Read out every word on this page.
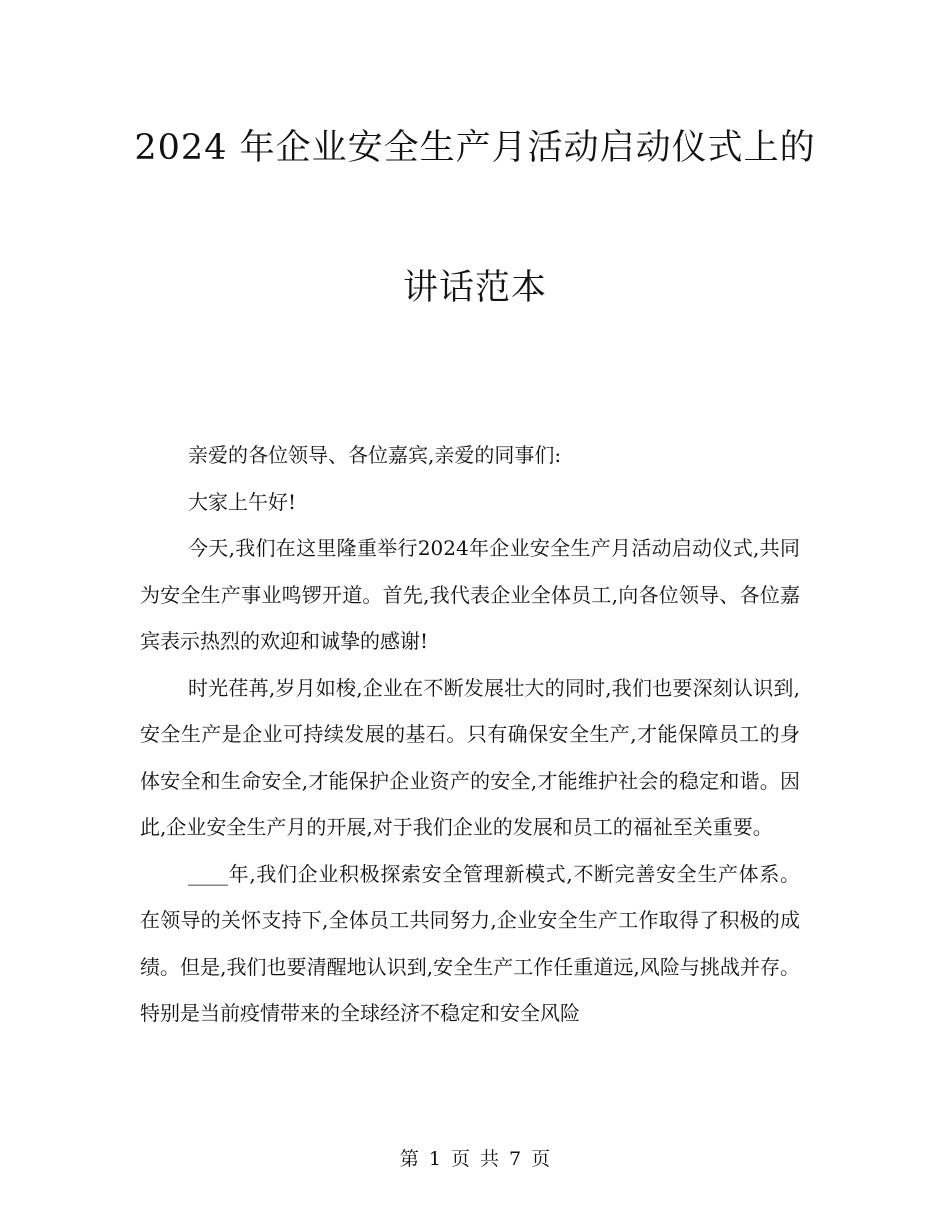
2024 年企业安全生产月活动启动仪式上的
讲话范本

亲爱的各位领导、各位嘉宾,亲爱的同事们:

大家上午好!

今天,我们在这里隆重举行2024年企业安全生产月活动启动仪式,共同为安全生产事业鸣锣开道。首先,我代表企业全体员工,向各位领导、各位嘉宾表示热烈的欢迎和诚挚的感谢!

时光荏苒,岁月如梭,企业在不断发展壮大的同时,我们也要深刻认识到,安全生产是企业可持续发展的基石。只有确保安全生产,才能保障员工的身体安全和生命安全,才能保护企业资产的安全,才能维护社会的稳定和谐。因此,企业安全生产月的开展,对于我们企业的发展和员工的福祉至关重要。

____年,我们企业积极探索安全管理新模式,不断完善安全生产体系。在领导的关怀支持下,全体员工共同努力,企业安全生产工作取得了积极的成绩。但是,我们也要清醒地认识到,安全生产工作任重道远,风险与挑战并存。特别是当前疫情带来的全球经济不稳定和安全风险

第 1 页 共 7 页
